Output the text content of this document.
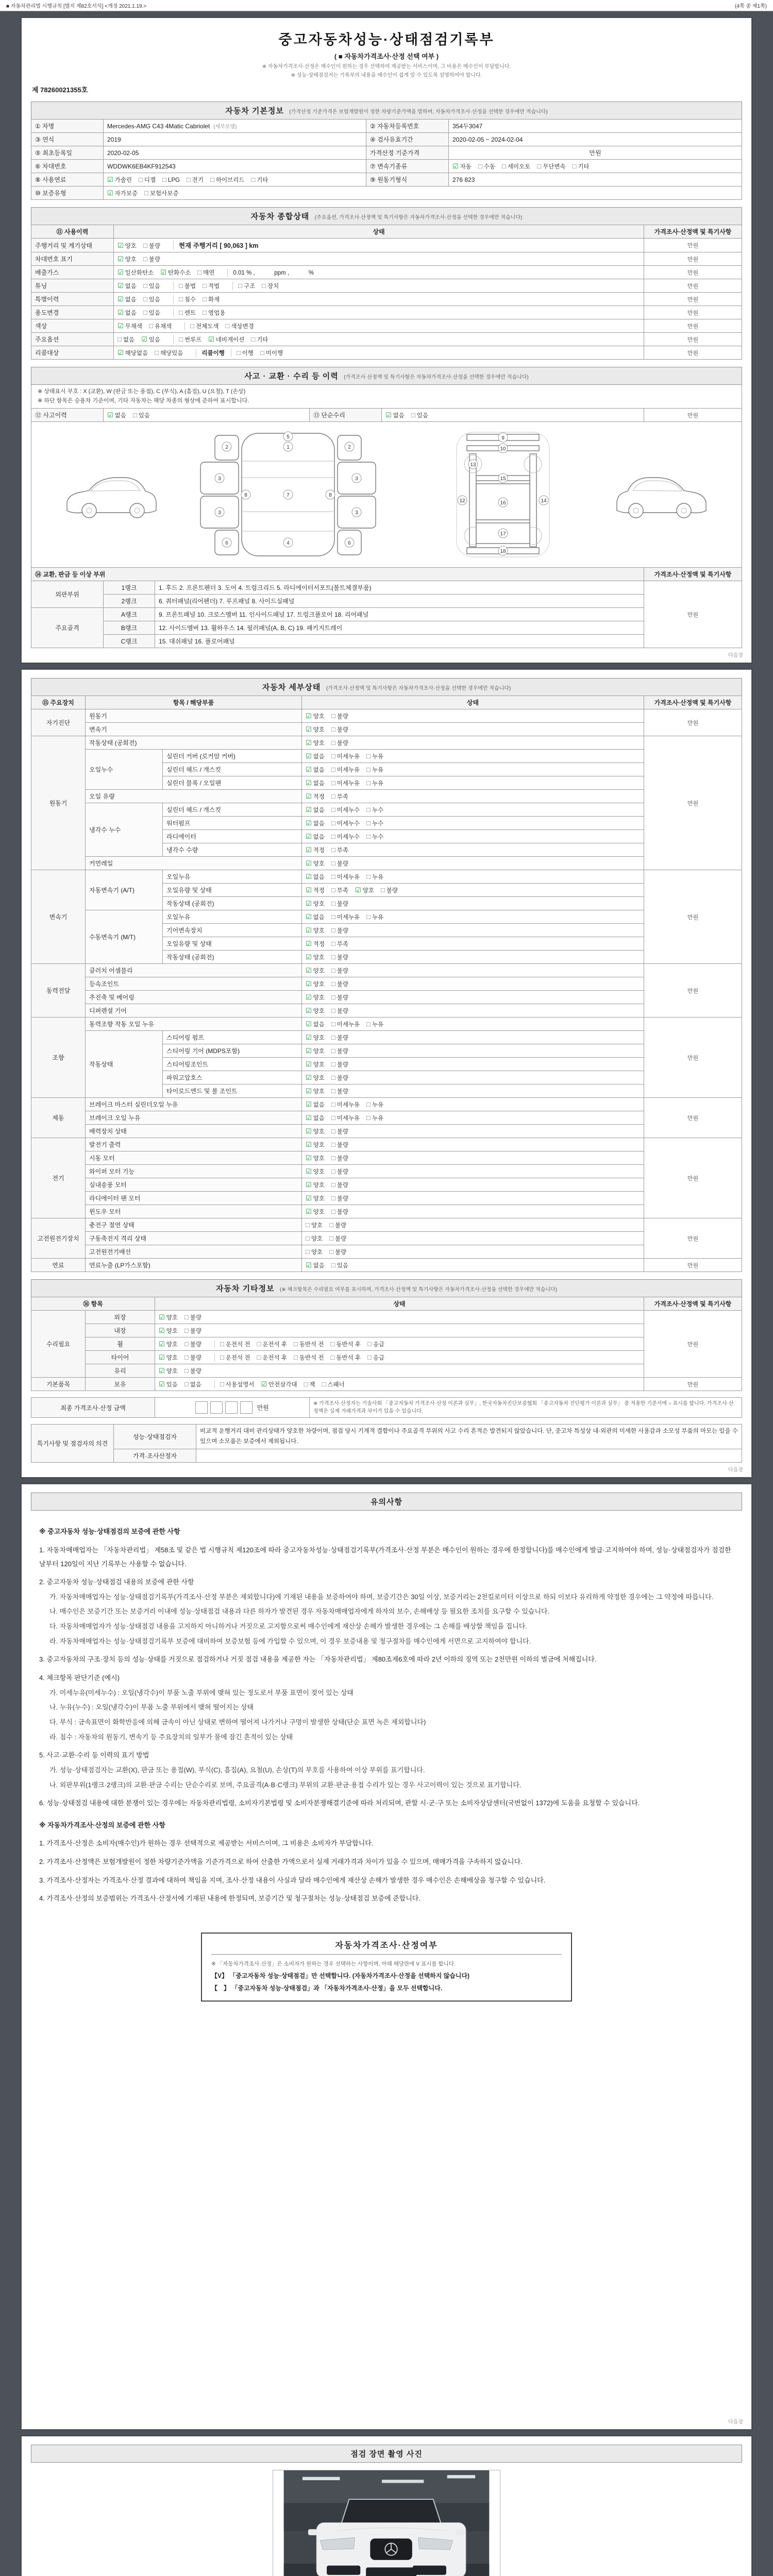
■ 자동차관리법 시행규칙 [별지 제82호서식] <개정 2021.1.19.>	(4쪽 중 제1쪽)
중고자동차성능·상태점검기록부
( ■ 자동차가격조사·산정 선택 여부 )
※ 자동차가격조사·산정은 매수인이 원하는 경우 선택하여 제공받는 서비스이며, 그 비용은 매수인이 부담합니다.
※ 성능·상태점검자는 기록부의 내용을 매수인이 쉽게 알 수 있도록 설명하여야 합니다.
제 78260021355호
자동차 기본정보 (가격산정 기준가격은 보험개발원이 정한 차량기준가액을 말하며, 자동차가격조사·산정을 선택한 경우에만 적습니다)
① 차명	Mercedes-AMG C43 4Matic Cabriolet (세부모델)	② 자동차등록번호	354두3047
③ 연식	2019	④ 검사유효기간	2020-02-05 ~ 2024-02-04
⑤ 최초등록일	2020-02-05	가격산정 기준가격	만원
⑥ 차대번호	WDDWK6EB4KF912543	⑦ 변속기종류	☑ 자동 □ 수동 □ 세미오토 □ 무단변속 □ 기타
⑧ 사용연료	☑ 가솔린 □ 디젤 □ LPG □ 전기 □ 하이브리드 □ 기타	⑨ 원동기형식	276 823
⑩ 보증유형	☑ 자가보증 □ 보험사보증		
자동차 종합상태 (주요옵션, 가격조사·산정액 및 특기사항은 자동차가격조사·산정을 선택한 경우에만 적습니다)
⑪ 사용이력	상태	가격조사·산정액 및 특기사항
주행거리 및 계기상태	☑ 양호 □ 불량 현재 주행거리 [ 90,063 ] km	만원
차대번호 표기	☑ 양호 □ 불량	만원
배출가스	☑ 일산화탄소 ☑ 탄화수소 □ 매연 0.01 % ,　　　 ppm ,　　　 %	만원
튜닝	☑ 없음 □ 있음 □ 불법 □ 적법 □ 구조 □ 장치	만원
특별이력	☑ 없음 □ 있음 □ 침수 □ 화재	만원
용도변경	☑ 없음 □ 있음 □ 렌트 □ 영업용	만원
색상	☑ 무채색 □ 유채색 □ 전체도색 □ 색상변경	만원
주요옵션	□ 없음 ☑ 있음 □ 썬루프 ☑ 네비게이션 □ 기타	만원
리콜대상	☑ 해당없음 □ 해당있음 리콜이행 □ 이행 □ 미이행	만원
사고 · 교환 · 수리 등 이력 (가격조사·산정액 및 특기사항은 자동차가격조사·산정을 선택한 경우에만 적습니다)
※ 상태표시 부호 : X (교환), W (판금 또는 용접), C (부식), A (흠집), U (요철), T (손상)
※ 하단 항목은 승용차 기준이며, 기타 자동차는 해당 차종의 형상에 준하여 표시합니다.
⑫ 사고이력	☑ 없음 □ 있음	⑬ 단순수리	☑ 없음 □ 있음	만원
1
2	2
3	3
3	3
4
5
6	6
7
8	8
9
10
12
13
14
15
16
17
18
⑭ 교환, 판금 등 이상 부위			가격조사·산정액 및 특기사항
외판부위	1랭크	1. 후드 2. 프론트펜더 3. 도어 4. 트렁크리드 5. 라디에이터서포트(볼트체결부품)	만원
	2랭크	6. 쿼터패널(리어펜더) 7. 루프패널 8. 사이드실패널	
주요골격	A랭크	9. 프론트패널 10. 크로스멤버 11. 인사이드패널 17. 트렁크플로어 18. 리어패널	
	B랭크	12. 사이드멤버 13. 휠하우스 14. 필러패널(A, B, C) 19. 패키지트레이	
	C랭크	15. 대쉬패널 16. 플로어패널	
다음장
자동차 세부상태 (가격조사·산정액 및 특기사항은 자동차가격조사·산정을 선택한 경우에만 적습니다)
⑮ 주요장치	항목 / 해당부품		상태	가격조사·산정액 및 특기사항
자기진단	원동기		☑ 양호 □ 불량	만원
	변속기		☑ 양호 □ 불량	
원동기	작동상태 (공회전)		☑ 양호 □ 불량	만원
	오일누수	실린더 커버 (로커암 커버)	☑ 없음 □ 미세누유 □ 누유	
		실린더 헤드 / 개스킷	☑ 없음 □ 미세누유 □ 누유	
		실린더 블록 / 오일팬	☑ 없음 □ 미세누유 □ 누유	
	오일 유량		☑ 적정 □ 부족	
	냉각수 누수	실린더 헤드 / 개스킷	☑ 없음 □ 미세누수 □ 누수	
		워터펌프	☑ 없음 □ 미세누수 □ 누수	
		라디에이터	☑ 없음 □ 미세누수 □ 누수	
		냉각수 수량	☑ 적정 □ 부족	
	커먼레일		☑ 양호 □ 불량	
변속기	자동변속기 (A/T)	오일누유	☑ 없음 □ 미세누유 □ 누유	만원
		오일유량 및 상태	☑ 적정 □ 부족 ☑ 양호 □ 불량	
		작동상태 (공회전)	☑ 양호 □ 불량	
	수동변속기 (M/T)	오일누유	☑ 없음 □ 미세누유 □ 누유	
		기어변속장치	☑ 양호 □ 불량	
		오일유량 및 상태	☑ 적정 □ 부족	
		작동상태 (공회전)	☑ 양호 □ 불량	
동력전달	클러치 어셈블리		☑ 양호 □ 불량	만원
	등속조인트		☑ 양호 □ 불량	
	추진축 및 베어링		☑ 양호 □ 불량	
	디퍼렌셜 기어		☑ 양호 □ 불량	
조향	동력조향 작동 오일 누유		☑ 없음 □ 미세누유 □ 누유	만원
	작동상태	스티어링 펌프	☑ 양호 □ 불량	
		스티어링 기어 (MDPS포함)	☑ 양호 □ 불량	
		스티어링조인트	☑ 양호 □ 불량	
		파워고압호스	☑ 양호 □ 불량	
		타이로드엔드 및 볼 조인트	☑ 양호 □ 불량	
제동	브레이크 마스터 실린더오일 누유		☑ 없음 □ 미세누유 □ 누유	만원
	브레이크 오일 누유		☑ 없음 □ 미세누유 □ 누유	
	배력장치 상태		☑ 양호 □ 불량	
전기	발전기 출력		☑ 양호 □ 불량	만원
	시동 모터		☑ 양호 □ 불량	
	와이퍼 모터 기능		☑ 양호 □ 불량	
	실내송풍 모터		☑ 양호 □ 불량	
	라디에이터 팬 모터		☑ 양호 □ 불량	
	윈도우 모터		☑ 양호 □ 불량	
고전원전기장치	충전구 절연 상태		□ 양호 □ 불량	만원
	구동축전지 격리 상태		□ 양호 □ 불량	
	고전원전기배선		□ 양호 □ 불량	
연료	연료누출 (LP가스포함)		☑ 없음 □ 있음	만원
자동차 기타정보 (※ 체크항목은 수리필요 여부를 표시하며, 가격조사·산정액 및 특기사항은 자동차가격조사·산정을 선택한 경우에만 적습니다)
⑯ 항목		상태	가격조사·산정액 및 특기사항
수리필요	외장	☑ 양호 □ 불량	만원
	내장	☑ 양호 □ 불량	
	휠	☑ 양호 □ 불량 □ 운전석 전 □ 운전석 후 □ 동반석 전 □ 동반석 후 □ 응급	
	타이어	☑ 양호 □ 불량 □ 운전석 전 □ 운전석 후 □ 동반석 전 □ 동반석 후 □ 응급	
	유리	☑ 양호 □ 불량	
기본품목	보유	☑ 있음 □ 없음 □ 사용설명서 ☑ 안전삼각대 □ 잭 □ 스패너	만원
최종 가격조사·산정 금액	만원	※ 가격조사·산정자는 기술사회 「중고자동차 가격조사·산정 이론과 실무」, 한국자동차진단보증협회 「중고자동차 진단평가 이론과 실무」 중 적용한 기준서에 ○ 표시를 합니다. 가격조사·산정액은 실제 거래가격과 차이가 있을 수 있습니다.
특기사항 및 점검자의 의견	성능·상태점검자	비교적 운행거리 대비 관리상태가 양호한 차량이며, 점검 당시 기계적 결함이나 주요골격 부위의 사고 수리 흔적은 발견되지 않았습니다. 단, 중고차 특성상 내·외관의 미세한 사용감과 소모성 부품의 마모는 있을 수 있으며 소모품은 보증에서 제외됩니다.
	가격·조사산정자	
다음장
유의사항
※ 중고자동차 성능·상태점검의 보증에 관한 사항
1. 자동차매매업자는 「자동차관리법」 제58조 및 같은 법 시행규칙 제120조에 따라 중고자동차성능·상태점검기록부(가격조사·산정 부분은 매수인이 원하는 경우에 한정합니다)를 매수인에게 발급·고지하여야 하며, 성능·상태점검자가 점검한 날부터 120일이 지난 기록부는 사용할 수 없습니다.
2. 중고자동차 성능·상태점검 내용의 보증에 관한 사항
가. 자동차매매업자는 성능·상태점검기록부(가격조사·산정 부분은 제외합니다)에 기재된 내용을 보증하여야 하며, 보증기간은 30일 이상, 보증거리는 2천킬로미터 이상으로 하되 이보다 유리하게 약정한 경우에는 그 약정에 따릅니다.
나. 매수인은 보증기간 또는 보증거리 이내에 성능·상태점검 내용과 다른 하자가 발견된 경우 자동차매매업자에게 하자의 보수, 손해배상 등 필요한 조치를 요구할 수 있습니다.
다. 자동차매매업자가 성능·상태점검 내용을 고지하지 아니하거나 거짓으로 고지함으로써 매수인에게 재산상 손해가 발생한 경우에는 그 손해를 배상할 책임을 집니다.
라. 자동차매매업자는 성능·상태점검기록부 보증에 대비하여 보증보험 등에 가입할 수 있으며, 이 경우 보증내용 및 청구절차를 매수인에게 서면으로 고지하여야 합니다.
3. 중고자동차의 구조·장치 등의 성능·상태를 거짓으로 점검하거나 거짓 점검 내용을 제공한 자는 「자동차관리법」 제80조제6호에 따라 2년 이하의 징역 또는 2천만원 이하의 벌금에 처해집니다.
4. 체크항목 판단기준 (예시)
가. 미세누유(미세누수) : 오일(냉각수)이 부품 노출 부위에 맺혀 있는 정도로서 부품 표면이 젖어 있는 상태
나. 누유(누수) : 오일(냉각수)이 부품 노출 부위에서 맺혀 떨어지는 상태
다. 부식 : 금속표면이 화학반응에 의해 금속이 아닌 상태로 변하여 떨어져 나가거나 구멍이 발생한 상태(단순 표면 녹은 제외합니다)
라. 침수 : 자동차의 원동기, 변속기 등 주요장치의 일부가 물에 잠긴 흔적이 있는 상태
5. 사고·교환·수리 등 이력의 표기 방법
가. 성능·상태점검자는 교환(X), 판금 또는 용접(W), 부식(C), 흠집(A), 요철(U), 손상(T)의 부호를 사용하여 이상 부위를 표기합니다.
나. 외판부위(1랭크·2랭크)의 교환·판금 수리는 단순수리로 보며, 주요골격(A·B·C랭크) 부위의 교환·판금·용접 수리가 있는 경우 사고이력이 있는 것으로 표기합니다.
6. 성능·상태점검 내용에 대한 분쟁이 있는 경우에는 자동차관리법령, 소비자기본법령 및 소비자분쟁해결기준에 따라 처리되며, 관할 시·군·구 또는 소비자상담센터(국번없이 1372)에 도움을 요청할 수 있습니다.
※ 자동차가격조사·산정의 보증에 관한 사항
1. 가격조사·산정은 소비자(매수인)가 원하는 경우 선택적으로 제공받는 서비스이며, 그 비용은 소비자가 부담합니다.
2. 가격조사·산정액은 보험개발원이 정한 차량기준가액을 기준가격으로 하여 산출한 가액으로서 실제 거래가격과 차이가 있을 수 있으며, 매매가격을 구속하지 않습니다.
3. 가격조사·산정자는 가격조사·산정 결과에 대하여 책임을 지며, 조사·산정 내용이 사실과 달라 매수인에게 재산상 손해가 발생한 경우 매수인은 손해배상을 청구할 수 있습니다.
4. 가격조사·산정의 보증범위는 가격조사·산정서에 기재된 내용에 한정되며, 보증기간 및 청구절차는 성능·상태점검 보증에 준합니다.
자동차가격조사·산정여부
※ 「자동차가격조사·산정」은 소비자가 원하는 경우 선택하는 사항이며, 아래 해당란에 V 표시를 합니다.
【V】 「중고자동차 성능·상태점검」만 선택합니다. (자동차가격조사·산정을 선택하지 않습니다)
【　】 「중고자동차 성능·상태점검」과 「자동차가격조사·산정」을 모두 선택합니다.
다음장
점검 장면 촬영 사진
